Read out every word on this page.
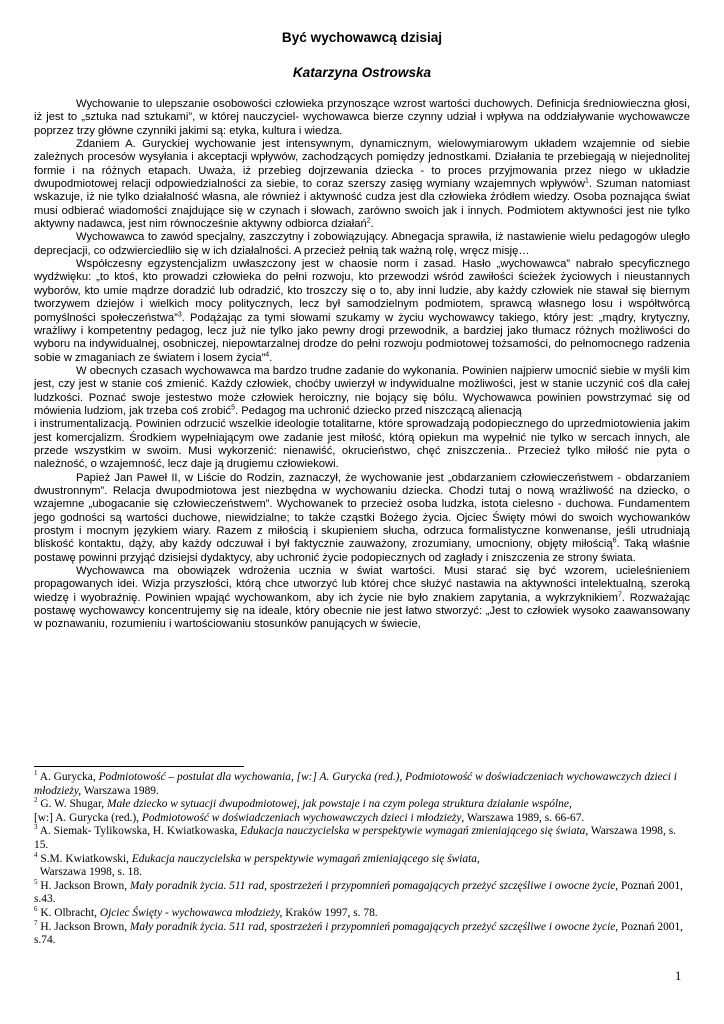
Być wychowawcą dzisiaj
Katarzyna Ostrowska

Wychowanie to ulepszanie osobowości człowieka przynoszące wzrost wartości duchowych. Definicja średniowieczna głosi, iż jest to „sztuka nad sztukami”, w której nauczyciel- wychowawca bierze czynny udział i wpływa na oddziaływanie wychowawcze poprzez trzy główne czynniki jakimi są: etyka, kultura i wiedza.

Zdaniem A. Guryckiej wychowanie jest intensywnym, dynamicznym, wielowymiarowym układem wzajemnie od siebie zależnych procesów wysyłania i akceptacji wpływów, zachodzących pomiędzy jednostkami. Działania te przebiegają w niejednolitej formie i na różnych etapach. Uważa, iż przebieg dojrzewania dziecka - to proces przyjmowania przez niego w układzie dwupodmiotowej relacji odpowiedzialności za siebie, to coraz szerszy zasięg wymiany wzajemnych wpływów$^1$. Szuman natomiast wskazuje, iż nie tylko działalność własna, ale również i aktywność cudza jest dla człowieka źródłem wiedzy. Osoba poznająca świat musi odbierać wiadomości znajdujące się w czynach i słowach, zarówno swoich jak i innych. Podmiotem aktywności jest nie tylko aktywny nadawca, jest nim równocześnie aktywny odbiorca działań$^2$.

Wychowawca to zawód specjalny, zaszczytny i zobowiązujący. Abnegacja sprawiła, iż nastawienie wielu pedagogów uległo deprecjacji, co odzwierciedliło się w ich działalności. A przecież pełnią tak ważną rolę, wręcz misję…

Współczesny egzystencjalizm uwłaszczony jest w chaosie norm i zasad. Hasło „wychowawca” nabrało specyficznego wydźwięku: „to ktoś, kto prowadzi człowieka do pełni rozwoju, kto przewodzi wśród zawiłości ścieżek życiowych i nieustannych wyborów, kto umie mądrze doradzić lub odradzić, kto troszczy się o to, aby inni ludzie, aby każdy człowiek nie stawał się biernym tworzywem dziejów i wielkich mocy politycznych, lecz był samodzielnym podmiotem, sprawcą własnego losu i współtwórcą pomyślności społeczeństwa”$^3$. Podążając za tymi słowami szukamy w życiu wychowawcy takiego, który jest: „mądry, krytyczny, wrażliwy i kompetentny pedagog, lecz już nie tylko jako pewny drogi przewodnik, a bardziej jako tłumacz różnych możliwości do wyboru na indywidualnej, osobniczej, niepowtarzalnej drodze do pełni rozwoju podmiotowej tożsamości, do pełnomocnego radzenia sobie w zmaganiach ze światem i losem życia”$^4$.

W obecnych czasach wychowawca ma bardzo trudne zadanie do wykonania. Powinien najpierw umocnić siebie w myśli kim jest, czy jest w stanie coś zmienić. Każdy człowiek, choćby uwierzył w indywidualne możliwości, jest w stanie uczynić coś dla całej ludzkości. Poznać swoje jestestwo może człowiek heroiczny, nie bojący się bólu. Wychowawca powinien powstrzymać się od mówienia ludziom, jak trzeba coś zrobić$^5$. Pedagog ma uchronić dziecko przed niszczącą alienacją

i instrumentalizacją. Powinien odrzucić wszelkie ideologie totalitarne, które sprowadzają podopiecznego do uprzedmiotowienia jakim jest komercjalizm. Środkiem wypełniającym owe zadanie jest miłość, którą opiekun ma wypełnić nie tylko w sercach innych, ale przede wszystkim w swoim. Musi wykorzenić: nienawiść, okrucieństwo, chęć zniszczenia.. Przecież tylko miłość nie pyta o należność, o wzajemność, lecz daje ją drugiemu człowiekowi.

Papież Jan Paweł II, w Liście do Rodzin, zaznaczył, że wychowanie jest „obdarzaniem człowieczeństwem - obdarzaniem dwustronnym”. Relacja dwupodmiotowa jest niezbędna w wychowaniu dziecka. Chodzi tutaj o nową wrażliwość na dziecko, o wzajemne „ubogacanie się człowieczeństwem”. Wychowanek to przecież osoba ludzka, istota cielesno - duchowa. Fundamentem jego godności są wartości duchowe, niewidzialne; to także cząstki Bożego życia. Ojciec Święty mówi do swoich wychowanków prostym i mocnym językiem wiary. Razem z miłością i skupieniem słucha, odrzuca formalistyczne konwenanse, jeśli utrudniają bliskość kontaktu, dąży, aby każdy odczuwał i był faktycznie zauważony, zrozumiany, umocniony, objęty miłością$^6$. Taką właśnie postawę powinni przyjąć dzisiejsi dydaktycy, aby uchronić życie podopiecznych od zagłady i zniszczenia ze strony świata.

Wychowawca ma obowiązek wdrożenia ucznia w świat wartości. Musi starać się być wzorem, ucieleśnieniem propagowanych idei. Wizja przyszłości, którą chce utworzyć lub której chce służyć nastawia na aktywności intelektualną, szeroką wiedzę i wyobraźnię. Powinien wpająć wychowankom, aby ich życie nie było znakiem zapytania, a wykrzyknikiem$^7$. Rozważając postawę wychowawcy koncentrujemy się na ideale, który obecnie nie jest łatwo stworzyć: „Jest to człowiek wysoko zaawansowany w poznawaniu, rozumieniu i wartościowaniu stosunków panujących w świecie,

$^1$ A. Gurycka, Podmiotowość – postulat dla wychowania, [w:] A. Gurycka (red.), Podmiotowość w doświadczeniach wychowawczych dzieci i młodzieży, Warszawa 1989.

$^2$ G. W. Shugar, Małe dziecko w sytuacji dwupodmiotowej, jak powstaje i na czym polega struktura działanie wspólne,
[w:] A. Gurycka (red.), Podmiotowość w doświadczeniach wychowawczych dzieci i młodzieży, Warszawa 1989, s. 66-67.

$^3$ A. Siemak- Tylikowska, H. Kwiatkowaska, Edukacja nauczycielska w perspektywie wymagań zmieniającego się świata, Warszawa 1998, s. 15.

$^4$ S.M. Kwiatkowski, Edukacja nauczycielska w perspektywie wymagań zmieniającego się świata,
Warszawa 1998, s. 18.

$^5$ H. Jackson Brown, Mały poradnik życia. 511 rad, spostrzeżeń i przypomnień pomagających przeżyć szczęśliwe i owocne życie, Poznań 2001, s.43.

$^6$ K. Olbracht, Ojciec Święty - wychowawca młodzieży, Kraków 1997, s. 78.

$^7$ H. Jackson Brown, Mały poradnik życia. 511 rad, spostrzeżeń i przypomnień pomagających przeżyć szczęśliwe i owocne życie, Poznań 2001, s.74.

1
